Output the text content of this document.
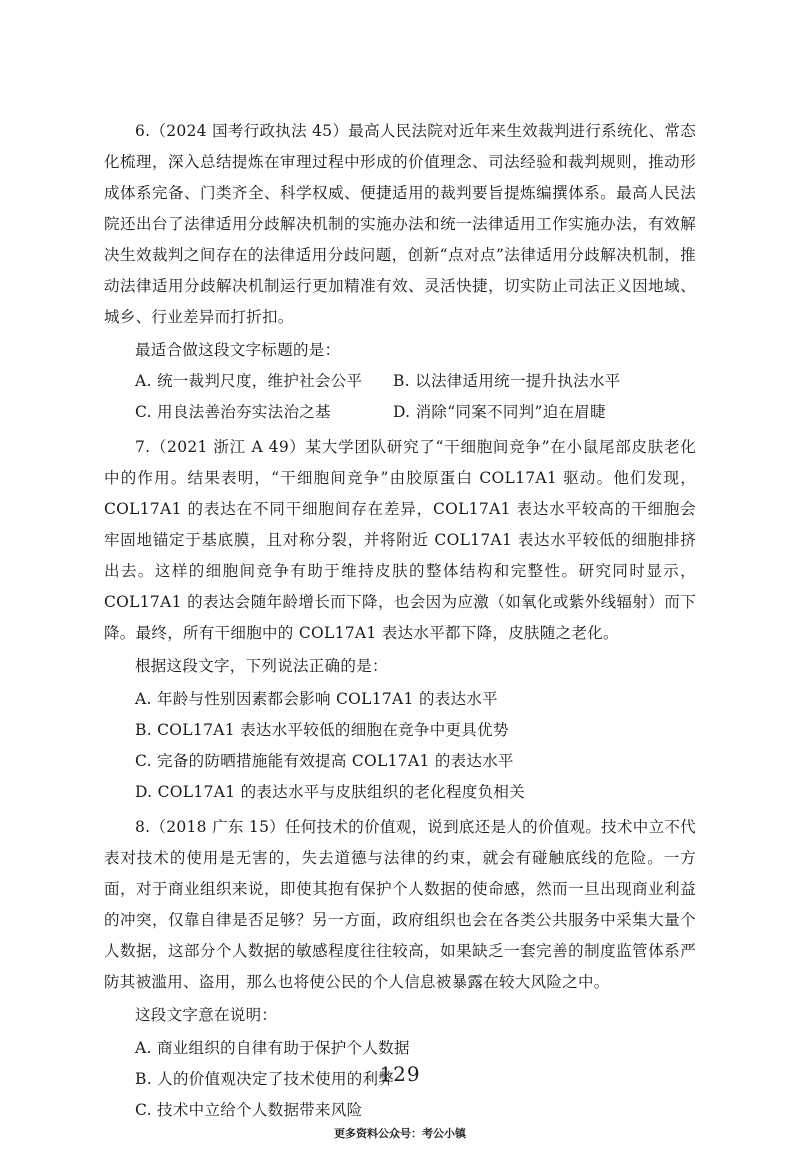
6.（2024 国考行政执法 45）最高人民法院对近年来生效裁判进行系统化、常态化梳理，深入总结提炼在审理过程中形成的价值理念、司法经验和裁判规则，推动形成体系完备、门类齐全、科学权威、便捷适用的裁判要旨提炼编撰体系。最高人民法院还出台了法律适用分歧解决机制的实施办法和统一法律适用工作实施办法，有效解决生效裁判之间存在的法律适用分歧问题，创新“点对点”法律适用分歧解决机制，推动法律适用分歧解决机制运行更加精准有效、灵活快捷，切实防止司法正义因地域、城乡、行业差异而打折扣。

最适合做这段文字标题的是：

A. 统一裁判尺度，维护社会公平	B. 以法律适用统一提升执法水平
C. 用良法善治夯实法治之基	D. 消除“同案不同判”迫在眉睫

7.（2021 浙江 A 49）某大学团队研究了“干细胞间竞争”在小鼠尾部皮肤老化中的作用。结果表明，“干细胞间竞争”由胶原蛋白 COL17A1 驱动。他们发现，COL17A1 的表达在不同干细胞间存在差异，COL17A1 表达水平较高的干细胞会牢固地锚定于基底膜，且对称分裂，并将附近 COL17A1 表达水平较低的细胞排挤出去。这样的细胞间竞争有助于维持皮肤的整体结构和完整性。研究同时显示，COL17A1 的表达会随年龄增长而下降，也会因为应激（如氧化或紫外线辐射）而下降。最终，所有干细胞中的 COL17A1 表达水平都下降，皮肤随之老化。

根据这段文字，下列说法正确的是：

A. 年龄与性别因素都会影响 COL17A1 的表达水平
B. COL17A1 表达水平较低的细胞在竞争中更具优势
C. 完备的防晒措施能有效提高 COL17A1 的表达水平
D. COL17A1 的表达水平与皮肤组织的老化程度负相关

8.（2018 广东 15）任何技术的价值观，说到底还是人的价值观。技术中立不代表对技术的使用是无害的，失去道德与法律的约束，就会有碰触底线的危险。一方面，对于商业组织来说，即使其抱有保护个人数据的使命感，然而一旦出现商业利益的冲突，仅靠自律是否足够？另一方面，政府组织也会在各类公共服务中采集大量个人数据，这部分个人数据的敏感程度往往较高，如果缺乏一套完善的制度监管体系严防其被滥用、盗用，那么也将使公民的个人信息被暴露在较大风险之中。

这段文字意在说明：

A. 商业组织的自律有助于保护个人数据
B. 人的价值观决定了技术使用的利弊
C. 技术中立给个人数据带来风险
129
更多资料公众号：考公小镇
